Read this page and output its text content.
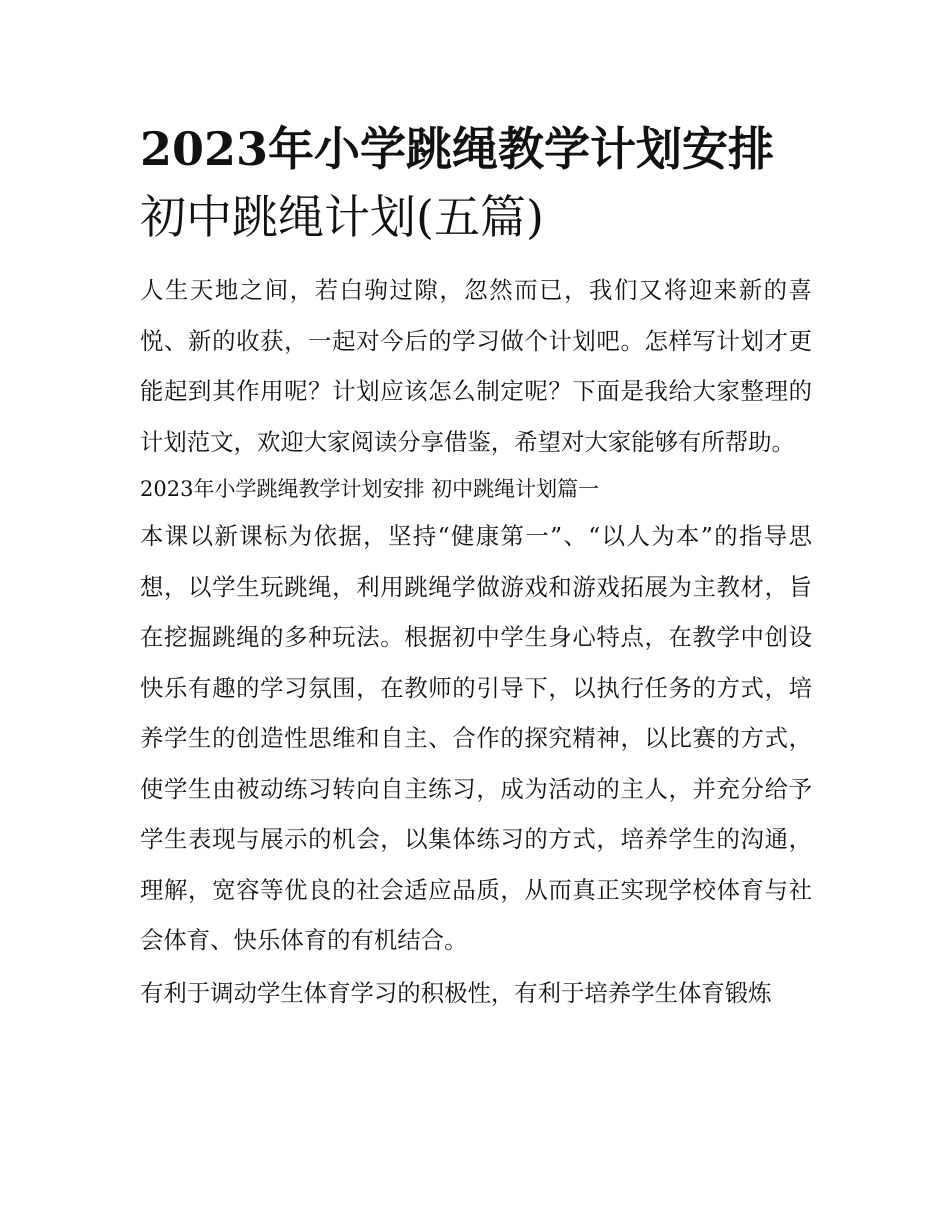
2023年小学跳绳教学计划安排
初中跳绳计划(五篇)

人生天地之间，若白驹过隙，忽然而已，我们又将迎来新的喜悦、新的收获，一起对今后的学习做个计划吧。怎样写计划才更能起到其作用呢？计划应该怎么制定呢？下面是我给大家整理的计划范文，欢迎大家阅读分享借鉴，希望对大家能够有所帮助。

2023年小学跳绳教学计划安排 初中跳绳计划篇一

本课以新课标为依据，坚持“健康第一”、“以人为本”的指导思想，以学生玩跳绳，利用跳绳学做游戏和游戏拓展为主教材，旨在挖掘跳绳的多种玩法。根据初中学生身心特点，在教学中创设快乐有趣的学习氛围，在教师的引导下，以执行任务的方式，培养学生的创造性思维和自主、合作的探究精神，以比赛的方式，使学生由被动练习转向自主练习，成为活动的主人，并充分给予学生表现与展示的机会，以集体练习的方式，培养学生的沟通，理解，宽容等优良的社会适应品质，从而真正实现学校体育与社会体育、快乐体育的有机结合。

有利于调动学生体育学习的积极性，有利于培养学生体育锻炼
